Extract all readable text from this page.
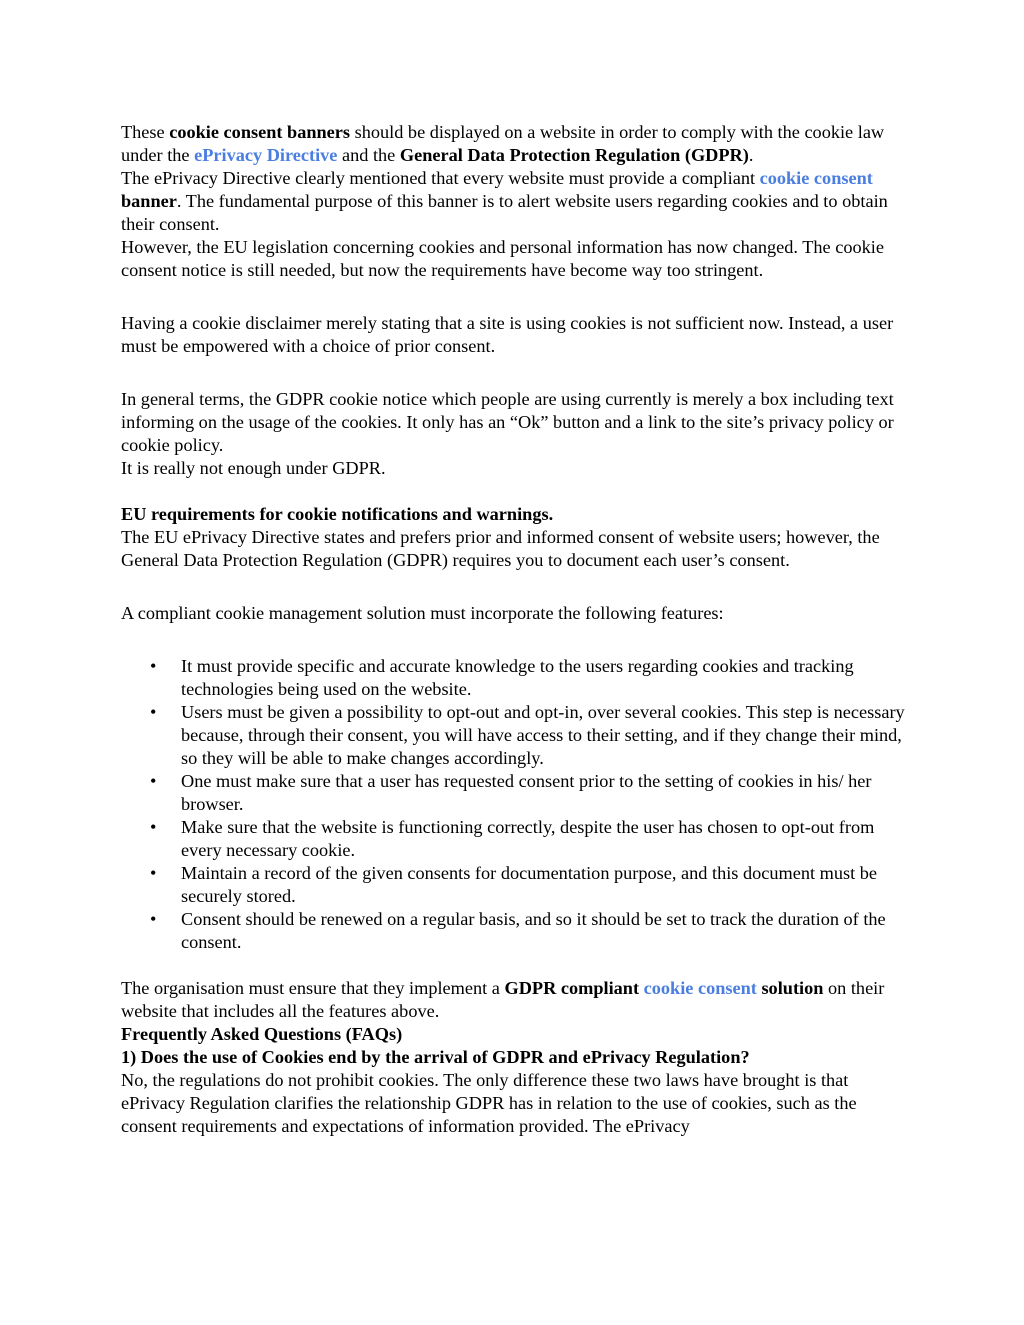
These cookie consent banners should be displayed on a website in order to comply with the cookie law under the ePrivacy Directive and the General Data Protection Regulation (GDPR).

The ePrivacy Directive clearly mentioned that every website must provide a compliant cookie consent banner. The fundamental purpose of this banner is to alert website users regarding cookies and to obtain their consent.

However, the EU legislation concerning cookies and personal information has now changed. The cookie consent notice is still needed, but now the requirements have become way too stringent.

Having a cookie disclaimer merely stating that a site is using cookies is not sufficient now. Instead, a user must be empowered with a choice of prior consent.

In general terms, the GDPR cookie notice which people are using currently is merely a box including text informing on the usage of the cookies. It only has an “Ok” button and a link to the site’s privacy policy or cookie policy.

It is really not enough under GDPR.

EU requirements for cookie notifications and warnings.

The EU ePrivacy Directive states and prefers prior and informed consent of website users; however, the General Data Protection Regulation (GDPR) requires you to document each user’s consent.

A compliant cookie management solution must incorporate the following features:

• It must provide specific and accurate knowledge to the users regarding cookies and tracking technologies being used on the website.
• Users must be given a possibility to opt-out and opt-in, over several cookies. This step is necessary because, through their consent, you will have access to their setting, and if they change their mind, so they will be able to make changes accordingly.
• One must make sure that a user has requested consent prior to the setting of cookies in his/ her browser.
• Make sure that the website is functioning correctly, despite the user has chosen to opt-out from every necessary cookie.
• Maintain a record of the given consents for documentation purpose, and this document must be securely stored.
• Consent should be renewed on a regular basis, and so it should be set to track the duration of the consent.

The organisation must ensure that they implement a GDPR compliant cookie consent solution on their website that includes all the features above.

Frequently Asked Questions (FAQs)

1) Does the use of Cookies end by the arrival of GDPR and ePrivacy Regulation?

No, the regulations do not prohibit cookies. The only difference these two laws have brought is that ePrivacy Regulation clarifies the relationship GDPR has in relation to the use of cookies, such as the consent requirements and expectations of information provided. The ePrivacy
